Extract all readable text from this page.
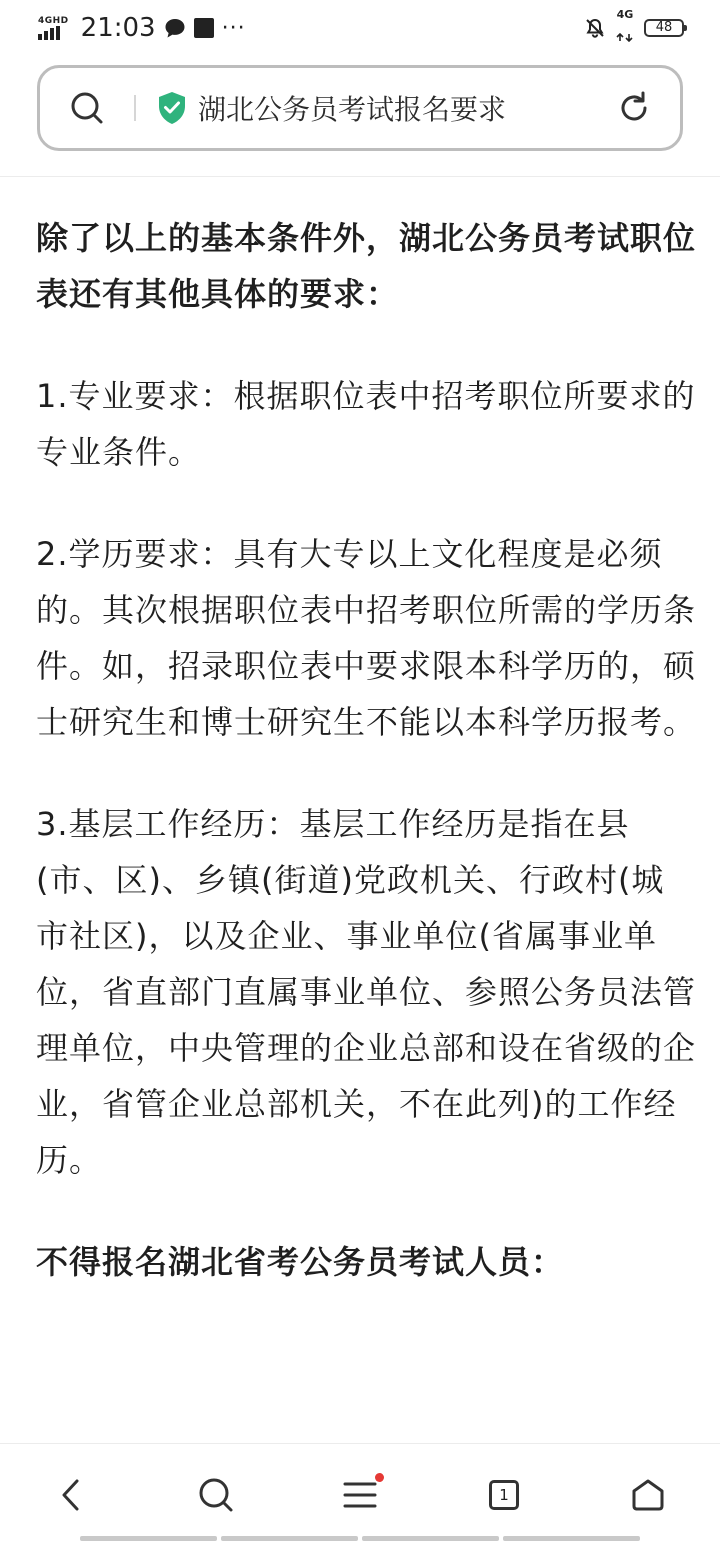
4GHD 21:03	···
4G
48
湖北公务员考试报名要求

除了以上的基本条件外，湖北公务员考试职位表还有其他具体的要求：

1.专业要求：根据职位表中招考职位所要求的专业条件。

2.学历要求：具有大专以上文化程度是必须的。其次根据职位表中招考职位所需的学历条件。如，招录职位表中要求限本科学历的，硕士研究生和博士研究生不能以本科学历报考。

3.基层工作经历：基层工作经历是指在县(市、区)、乡镇(街道)党政机关、行政村(城市社区)，以及企业、事业单位(省属事业单位，省直部门直属事业单位、参照公务员法管理单位，中央管理的企业总部和设在省级的企业，省管企业总部机关，不在此列)的工作经历。

不得报名湖北省考公务员考试人员：

1
